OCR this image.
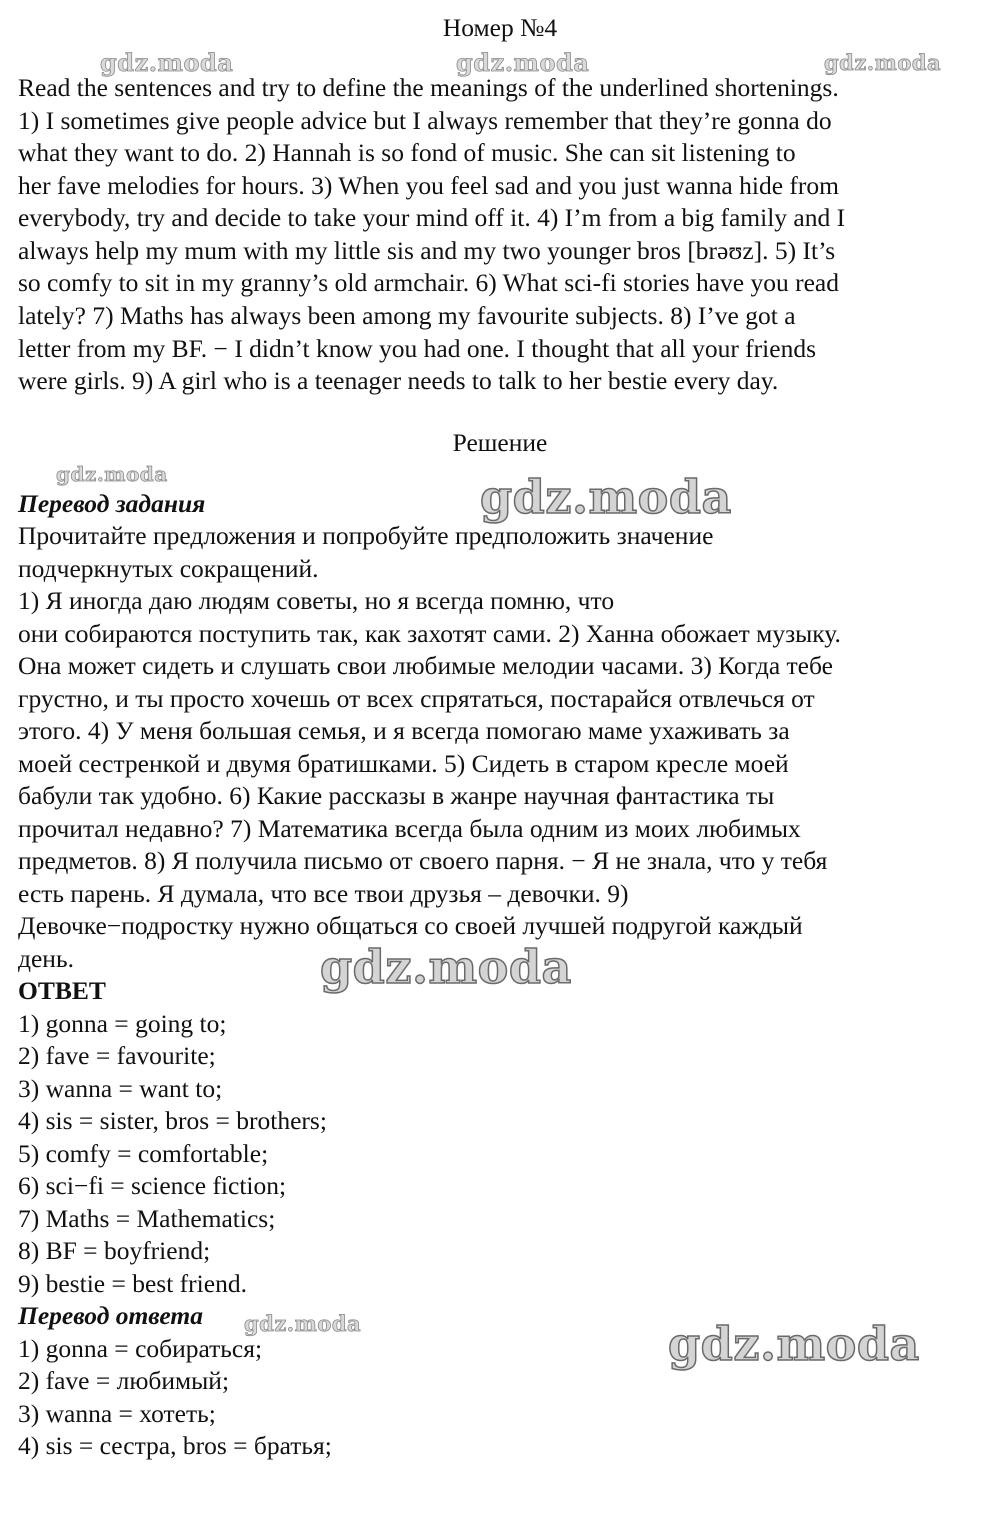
Номер №4
Read the sentences and try to define the meanings of the underlined shortenings.
1) I sometimes give people advice but I always remember that they’re gonna do
what they want to do. 2) Hannah is so fond of music. She can sit listening to
her fave melodies for hours. 3) When you feel sad and you just wanna hide from
everybody, try and decide to take your mind off it. 4) I’m from a big family and I
always help my mum with my little sis and my two younger bros [brəʊz]. 5) It’s
so comfy to sit in my granny’s old armchair. 6) What sci-fi stories have you read
lately? 7) Maths has always been among my favourite subjects. 8) I’ve got a
letter from my BF. − I didn’t know you had one. I thought that all your friends
were girls. 9) A girl who is a teenager needs to talk to her bestie every day.
Решение
Перевод задания
Прочитайте предложения и попробуйте предположить значение
подчеркнутых сокращений.
1) Я иногда даю людям советы, но я всегда помню, что
они собираются поступить так, как захотят сами. 2) Ханна обожает музыку.
Она может сидеть и слушать свои любимые мелодии часами. 3) Когда тебе
грустно, и ты просто хочешь от всех спрятаться, постарайся отвлечься от
этого. 4) У меня большая семья, и я всегда помогаю маме ухаживать за
моей сестренкой и двумя братишками. 5) Сидеть в старом кресле моей
бабули так удобно. 6) Какие рассказы в жанре научная фантастика ты
прочитал недавно? 7) Математика всегда была одним из моих любимых
предметов. 8) Я получила письмо от своего парня. − Я не знала, что у тебя
есть парень. Я думала, что все твои друзья – девочки. 9)
Девочке−подростку нужно общаться со своей лучшей подругой каждый
день.
ОТВЕТ
1) gonna = going to;
2) fave = favourite;
3) wanna = want to;
4) sis = sister, bros = brothers;
5) comfy = comfortable;
6) sci−fi = science fiction;
7) Maths = Mathematics;
8) BF = boyfriend;
9) bestie = best friend.
Перевод ответа
1) gonna = собираться;
2) fave = любимый;
3) wanna = хотеть;
4) sis = сестра, bros = братья;
gdz.moda	gdz.moda	gdz.moda
gdz.moda	gdz.moda
gdz.moda
gdz.moda	gdz.moda
